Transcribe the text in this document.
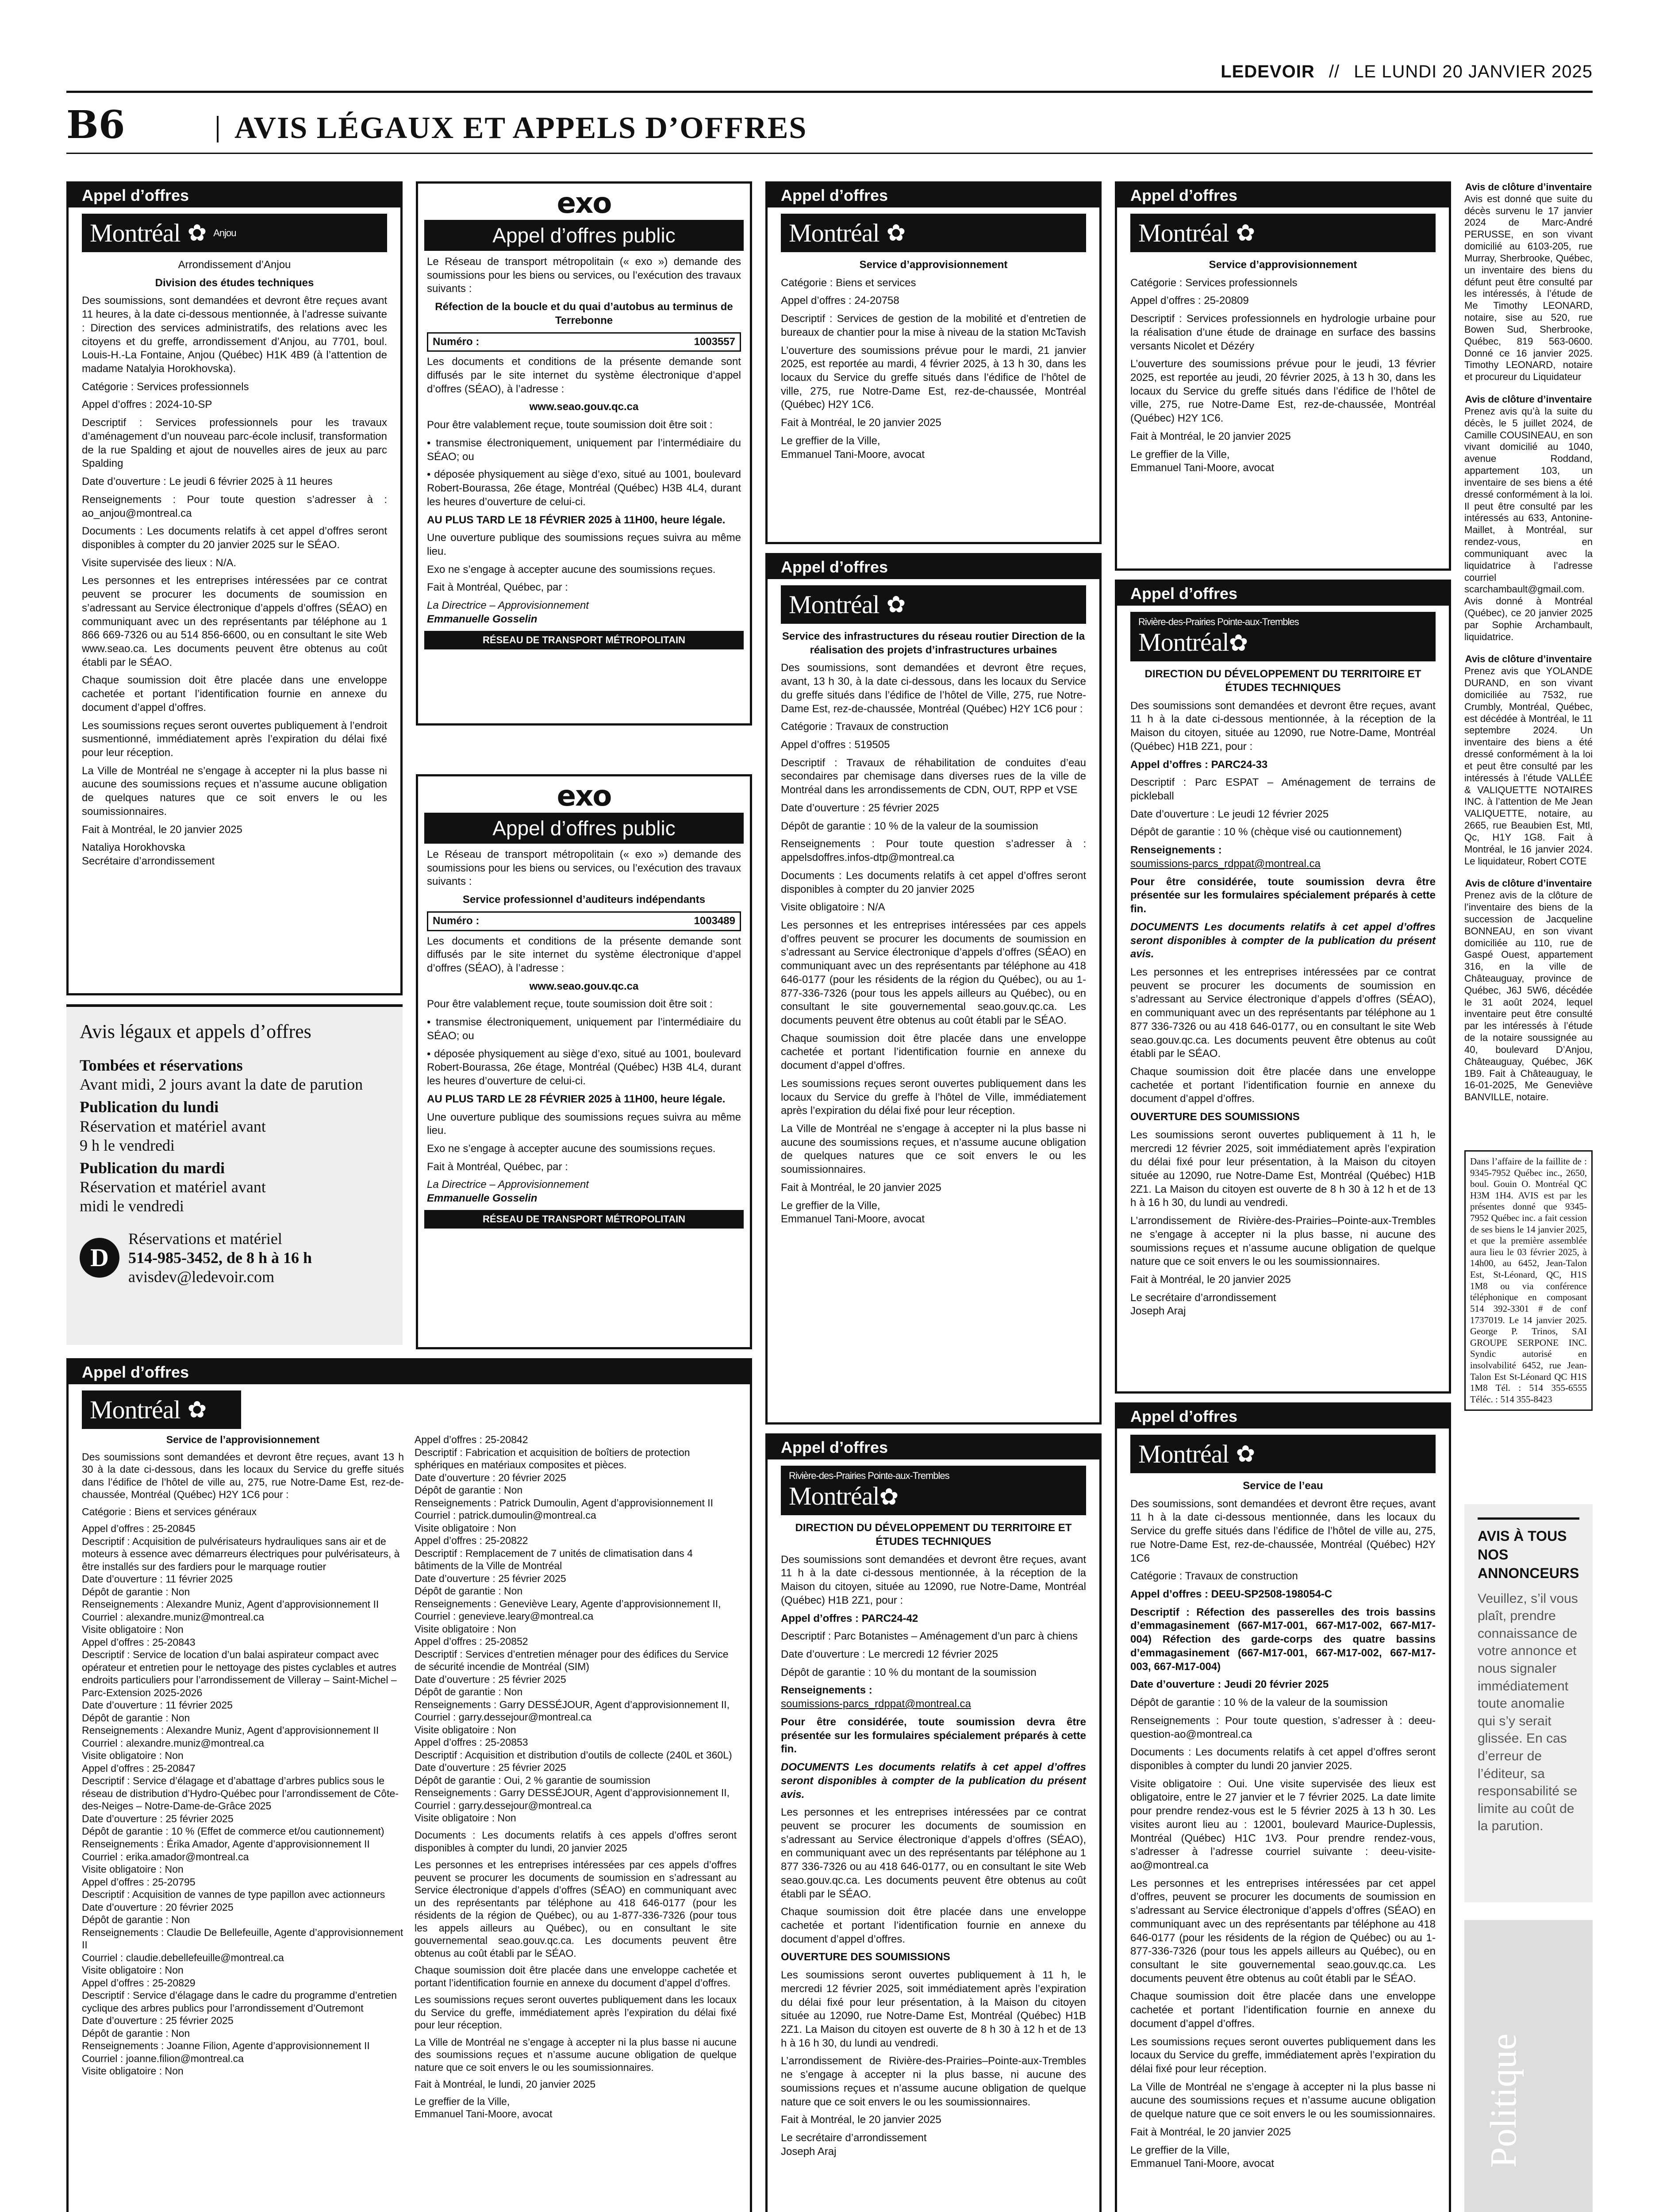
LEDEVOIR // LE LUNDI 20 JANVIER 2025
B6	AVIS LÉGAUX ET APPELS D’OFFRES
Appel d’offres
Montréal ✿ Anjou

Arrondissement d’Anjou

Division des études techniques

Des soumissions, sont demandées et devront être reçues avant 11 heures, à la date ci-dessous mentionnée, à l’adresse suivante : Direction des services administratifs, des relations avec les citoyens et du greffe, arrondissement d’Anjou, au 7701, boul. Louis-H.-La Fontaine, Anjou (Québec) H1K 4B9 (à l’attention de madame Natalyia Horokhovska).

Catégorie : Services professionnels

Appel d’offres : 2024-10-SP

Descriptif : Services professionnels pour les travaux d’aménagement d’un nouveau parc-école inclusif, transformation de la rue Spalding et ajout de nouvelles aires de jeux au parc Spalding

Date d’ouverture : Le jeudi 6 février 2025 à 11 heures

Renseignements : Pour toute question s’adresser à : ao_anjou@montreal.ca

Documents : Les documents relatifs à cet appel d’offres seront disponibles à compter du 20 janvier 2025 sur le SÉAO.

Visite supervisée des lieux : N/A.

Les personnes et les entreprises intéressées par ce contrat peuvent se procurer les documents de soumission en s’adressant au Service électronique d’appels d’offres (SÉAO) en communiquant avec un des représentants par téléphone au 1 866 669-7326 ou au 514 856-6600, ou en consultant le site Web www.seao.ca. Les documents peuvent être obtenus au coût établi par le SÉAO.

Chaque soumission doit être placée dans une enveloppe cachetée et portant l’identification fournie en annexe du document d’appel d’offres.

Les soumissions reçues seront ouvertes publiquement à l’endroit susmentionné, immédiatement après l’expiration du délai fixé pour leur réception.

La Ville de Montréal ne s’engage à accepter ni la plus basse ni aucune des soumissions reçues et n’assume aucune obligation de quelques natures que ce soit envers le ou les soumissionnaires.

Fait à Montréal, le 20 janvier 2025

Nataliya Horokhovska
Secrétaire d’arrondissement
Avis légaux et appels d’offres
Tombées et réservations
Avant midi, 2 jours avant la date de parution
Publication du lundi
Réservation et matériel avant
9 h le vendredi
Publication du mardi
Réservation et matériel avant
midi le vendredi
D
Réservations et matériel
514-985-3452, de 8 h à 16 h
avisdev@ledevoir.com
exo
Appel d’offres public

Le Réseau de transport métropolitain (« exo ») demande des soumissions pour les biens ou services, ou l’exécution des travaux suivants :

Réfection de la boucle et du quai d’autobus au terminus de Terrebonne

Numéro :	1003557

Les documents et conditions de la présente demande sont diffusés par le site internet du système électronique d’appel d’offres (SÉAO), à l’adresse :

www.seao.gouv.qc.ca

Pour être valablement reçue, toute soumission doit être soit :

• transmise électroniquement, uniquement par l’intermédiaire du SÉAO; ou

• déposée physiquement au siège d’exo, situé au 1001, boulevard Robert-Bourassa, 26e étage, Montréal (Québec) H3B 4L4, durant les heures d’ouverture de celui-ci.

AU PLUS TARD LE 18 FÉVRIER 2025 à 11H00, heure légale.

Une ouverture publique des soumissions reçues suivra au même lieu.

Exo ne s’engage à accepter aucune des soumissions reçues.

Fait à Montréal, Québec, par :

La Directrice – Approvisionnement
Emmanuelle Gosselin
RÉSEAU DE TRANSPORT MÉTROPOLITAIN
exo
Appel d’offres public

Le Réseau de transport métropolitain (« exo ») demande des soumissions pour les biens ou services, ou l’exécution des travaux suivants :

Service professionnel d’auditeurs indépendants

Numéro :	1003489

Les documents et conditions de la présente demande sont diffusés par le site internet du système électronique d’appel d’offres (SÉAO), à l’adresse :

www.seao.gouv.qc.ca

Pour être valablement reçue, toute soumission doit être soit :

• transmise électroniquement, uniquement par l’intermédiaire du SÉAO; ou

• déposée physiquement au siège d’exo, situé au 1001, boulevard Robert-Bourassa, 26e étage, Montréal (Québec) H3B 4L4, durant les heures d’ouverture de celui-ci.

AU PLUS TARD LE 28 FÉVRIER 2025 à 11H00, heure légale.

Une ouverture publique des soumissions reçues suivra au même lieu.

Exo ne s’engage à accepter aucune des soumissions reçues.

Fait à Montréal, Québec, par :

La Directrice – Approvisionnement
Emmanuelle Gosselin
RÉSEAU DE TRANSPORT MÉTROPOLITAIN
Appel d’offres
Montréal ✿

Service de l’approvisionnement

Des soumissions sont demandées et devront être reçues, avant 13 h 30 à la date ci-dessous, dans les locaux du Service du greffe situés dans l’édifice de l’hôtel de ville au, 275, rue Notre-Dame Est, rez-de-chaussée, Montréal (Québec) H2Y 1C6 pour :

Catégorie : Biens et services généraux

Appel d’offres : 25-20845
Descriptif : Acquisition de pulvérisateurs hydrauliques sans air et de moteurs à essence avec démarreurs électriques pour pulvérisateurs, à être installés sur des fardiers pour le marquage routier
Date d’ouverture : 11 février 2025
Dépôt de garantie : Non
Renseignements : Alexandre Muniz, Agent d’approvisionnement II
Courriel : alexandre.muniz@montreal.ca
Visite obligatoire : Non
Appel d’offres : 25-20843
Descriptif : Service de location d’un balai aspirateur compact avec opérateur et entretien pour le nettoyage des pistes cyclables et autres endroits particuliers pour l’arrondissement de Villeray – Saint-Michel – Parc-Extension 2025-2026
Date d’ouverture : 11 février 2025
Dépôt de garantie : Non
Renseignements : Alexandre Muniz, Agent d’approvisionnement II
Courriel : alexandre.muniz@montreal.ca
Visite obligatoire : Non
Appel d’offres : 25-20847
Descriptif : Service d’élagage et d’abattage d’arbres publics sous le réseau de distribution d’Hydro-Québec pour l’arrondissement de Côte-des-Neiges – Notre-Dame-de-Grâce 2025
Date d’ouverture : 25 février 2025
Dépôt de garantie : 10 % (Effet de commerce et/ou cautionnement)
Renseignements : Érika Amador, Agente d’approvisionnement II
Courriel : erika.amador@montreal.ca
Visite obligatoire : Non
Appel d’offres : 25-20795
Descriptif : Acquisition de vannes de type papillon avec actionneurs
Date d’ouverture : 20 février 2025
Dépôt de garantie : Non
Renseignements : Claudie De Bellefeuille, Agente d’approvisionnement II
Courriel : claudie.debellefeuille@montreal.ca
Visite obligatoire : Non
Appel d’offres : 25-20829
Descriptif : Service d’élagage dans le cadre du programme d’entretien cyclique des arbres publics pour l’arrondissement d’Outremont
Date d’ouverture : 25 février 2025
Dépôt de garantie : Non
Renseignements : Joanne Filion, Agente d’approvisionnement II
Courriel : joanne.filion@montreal.ca
Visite obligatoire : Non

Appel d’offres : 25-20842
Descriptif : Fabrication et acquisition de boîtiers de protection sphériques en matériaux composites et pièces.
Date d’ouverture : 20 février 2025
Dépôt de garantie : Non
Renseignements : Patrick Dumoulin, Agent d’approvisionnement II
Courriel : patrick.dumoulin@montreal.ca
Visite obligatoire : Non
Appel d’offres : 25-20822
Descriptif : Remplacement de 7 unités de climatisation dans 4 bâtiments de la Ville de Montréal
Date d’ouverture : 25 février 2025
Dépôt de garantie : Non
Renseignements : Geneviève Leary, Agente d’approvisionnement II,
Courriel : genevieve.leary@montreal.ca
Visite obligatoire : Non
Appel d’offres : 25-20852
Descriptif : Services d’entretien ménager pour des édifices du Service de sécurité incendie de Montréal (SIM)
Date d’ouverture : 25 février 2025
Dépôt de garantie : Non
Renseignements : Garry DESSÉJOUR, Agent d’approvisionnement II,
Courriel : garry.dessejour@montreal.ca
Visite obligatoire : Non
Appel d’offres : 25-20853
Descriptif : Acquisition et distribution d’outils de collecte (240L et 360L)
Date d’ouverture : 25 février 2025
Dépôt de garantie : Oui, 2 % garantie de soumission
Renseignements : Garry DESSÉJOUR, Agent d’approvisionnement II,
Courriel : garry.dessejour@montreal.ca
Visite obligatoire : Non

Documents : Les documents relatifs à ces appels d’offres seront disponibles à compter du lundi, 20 janvier 2025

Les personnes et les entreprises intéressées par ces appels d’offres peuvent se procurer les documents de soumission en s’adressant au Service électronique d’appels d’offres (SÉAO) en communiquant avec un des représentants par téléphone au 418 646-0177 (pour les résidents de la région de Québec), ou au 1-877-336-7326 (pour tous les appels ailleurs au Québec), ou en consultant le site gouvernemental seao.gouv.qc.ca. Les documents peuvent être obtenus au coût établi par le SÉAO.

Chaque soumission doit être placée dans une enveloppe cachetée et portant l’identification fournie en annexe du document d’appel d’offres.

Les soumissions reçues seront ouvertes publiquement dans les locaux du Service du greffe, immédiatement après l’expiration du délai fixé pour leur réception.

La Ville de Montréal ne s’engage à accepter ni la plus basse ni aucune des soumissions reçues et n’assume aucune obligation de quelque nature que ce soit envers le ou les soumissionnaires.

Fait à Montréal, le lundi, 20 janvier 2025

Le greffier de la Ville,
Emmanuel Tani-Moore, avocat
Appel d’offres
Montréal ✿

Service d’approvisionnement

Catégorie : Biens et services

Appel d’offres : 24-20758

Descriptif : Services de gestion de la mobilité et d’entretien de bureaux de chantier pour la mise à niveau de la station McTavish

L’ouverture des soumissions prévue pour le mardi, 21 janvier 2025, est reportée au mardi, 4 février 2025, à 13 h 30, dans les locaux du Service du greffe situés dans l’édifice de l’hôtel de ville, 275, rue Notre-Dame Est, rez-de-chaussée, Montréal (Québec) H2Y 1C6.

Fait à Montréal, le 20 janvier 2025

Le greffier de la Ville,
Emmanuel Tani-Moore, avocat
Appel d’offres
Montréal ✿

Service des infrastructures du réseau routier Direction de la réalisation des projets d’infrastructures urbaines

Des soumissions, sont demandées et devront être reçues, avant, 13 h 30, à la date ci-dessous, dans les locaux du Service du greffe situés dans l’édifice de l’hôtel de Ville, 275, rue Notre-Dame Est, rez-de-chaussée, Montréal (Québec) H2Y 1C6 pour :

Catégorie : Travaux de construction

Appel d’offres : 519505

Descriptif : Travaux de réhabilitation de conduites d’eau secondaires par chemisage dans diverses rues de la ville de Montréal dans les arrondissements de CDN, OUT, RPP et VSE

Date d’ouverture : 25 février 2025

Dépôt de garantie : 10 % de la valeur de la soumission

Renseignements : Pour toute question s’adresser à : appelsdoffres.infos-dtp@montreal.ca

Documents : Les documents relatifs à cet appel d’offres seront disponibles à compter du 20 janvier 2025

Visite obligatoire : N/A

Les personnes et les entreprises intéressées par ces appels d’offres peuvent se procurer les documents de soumission en s’adressant au Service électronique d’appels d’offres (SÉAO) en communiquant avec un des représentants par téléphone au 418 646-0177 (pour les résidents de la région du Québec), ou au 1-877-336-7326 (pour tous les appels ailleurs au Québec), ou en consultant le site gouvernemental seao.gouv.qc.ca. Les documents peuvent être obtenus au coût établi par le SÉAO.

Chaque soumission doit être placée dans une enveloppe cachetée et portant l’identification fournie en annexe du document d’appel d’offres.

Les soumissions reçues seront ouvertes publiquement dans les locaux du Service du greffe à l’hôtel de Ville, immédiatement après l’expiration du délai fixé pour leur réception.

La Ville de Montréal ne s’engage à accepter ni la plus basse ni aucune des soumissions reçues, et n’assume aucune obligation de quelques natures que ce soit envers le ou les soumissionnaires.

Fait à Montréal, le 20 janvier 2025

Le greffier de la Ville,
Emmanuel Tani-Moore, avocat
Appel d’offres
Rivière-des-Prairies Pointe-aux-Trembles
Montréal✿

DIRECTION DU DÉVELOPPEMENT DU TERRITOIRE ET ÉTUDES TECHNIQUES

Des soumissions sont demandées et devront être reçues, avant 11 h à la date ci-dessous mentionnée, à la réception de la Maison du citoyen, située au 12090, rue Notre-Dame, Montréal (Québec) H1B 2Z1, pour :

Appel d’offres : PARC24-42

Descriptif : Parc Botanistes – Aménagement d’un parc à chiens

Date d’ouverture : Le mercredi 12 février 2025

Dépôt de garantie : 10 % du montant de la soumission

Renseignements :

soumissions-parcs_rdppat@montreal.ca

Pour être considérée, toute soumission devra être présentée sur les formulaires spécialement préparés à cette fin.

DOCUMENTS Les documents relatifs à cet appel d’offres seront disponibles à compter de la publication du présent avis.

Les personnes et les entreprises intéressées par ce contrat peuvent se procurer les documents de soumission en s’adressant au Service électronique d’appels d’offres (SÉAO), en communiquant avec un des représentants par téléphone au 1 877 336-7326 ou au 418 646-0177, ou en consultant le site Web seao.gouv.qc.ca. Les documents peuvent être obtenus au coût établi par le SÉAO.

Chaque soumission doit être placée dans une enveloppe cachetée et portant l’identification fournie en annexe du document d’appel d’offres.

OUVERTURE DES SOUMISSIONS

Les soumissions seront ouvertes publiquement à 11 h, le mercredi 12 février 2025, soit immédiatement après l’expiration du délai fixé pour leur présentation, à la Maison du citoyen située au 12090, rue Notre-Dame Est, Montréal (Québec) H1B 2Z1. La Maison du citoyen est ouverte de 8 h 30 à 12 h et de 13 h à 16 h 30, du lundi au vendredi.

L’arrondissement de Rivière-des-Prairies–Pointe-aux-Trembles ne s’engage à accepter ni la plus basse, ni aucune des soumissions reçues et n’assume aucune obligation de quelque nature que ce soit envers le ou les soumissionnaires.

Fait à Montréal, le 20 janvier 2025

Le secrétaire d’arrondissement
Joseph Araj
Appel d’offres
Montréal ✿

Service d’approvisionnement

Catégorie : Services professionnels

Appel d’offres : 25-20809

Descriptif : Services professionnels en hydrologie urbaine pour la réalisation d’une étude de drainage en surface des bassins versants Nicolet et Dézéry

L’ouverture des soumissions prévue pour le jeudi, 13 février 2025, est reportée au jeudi, 20 février 2025, à 13 h 30, dans les locaux du Service du greffe situés dans l’édifice de l’hôtel de ville, 275, rue Notre-Dame Est, rez-de-chaussée, Montréal (Québec) H2Y 1C6.

Fait à Montréal, le 20 janvier 2025

Le greffier de la Ville,
Emmanuel Tani-Moore, avocat
Appel d’offres
Rivière-des-Prairies Pointe-aux-Trembles
Montréal✿

DIRECTION DU DÉVELOPPEMENT DU TERRITOIRE ET ÉTUDES TECHNIQUES

Des soumissions sont demandées et devront être reçues, avant 11 h à la date ci-dessous mentionnée, à la réception de la Maison du citoyen, située au 12090, rue Notre-Dame, Montréal (Québec) H1B 2Z1, pour :

Appel d’offres : PARC24-33

Descriptif : Parc ESPAT – Aménagement de terrains de pickleball

Date d’ouverture : Le jeudi 12 février 2025

Dépôt de garantie : 10 % (chèque visé ou cautionnement)

Renseignements :

soumissions-parcs_rdppat@montreal.ca

Pour être considérée, toute soumission devra être présentée sur les formulaires spécialement préparés à cette fin.

DOCUMENTS Les documents relatifs à cet appel d’offres seront disponibles à compter de la publication du présent avis.

Les personnes et les entreprises intéressées par ce contrat peuvent se procurer les documents de soumission en s’adressant au Service électronique d’appels d’offres (SÉAO), en communiquant avec un des représentants par téléphone au 1 877 336-7326 ou au 418 646-0177, ou en consultant le site Web seao.gouv.qc.ca. Les documents peuvent être obtenus au coût établi par le SÉAO.

Chaque soumission doit être placée dans une enveloppe cachetée et portant l’identification fournie en annexe du document d’appel d’offres.

OUVERTURE DES SOUMISSIONS

Les soumissions seront ouvertes publiquement à 11 h, le mercredi 12 février 2025, soit immédiatement après l’expiration du délai fixé pour leur présentation, à la Maison du citoyen située au 12090, rue Notre-Dame Est, Montréal (Québec) H1B 2Z1. La Maison du citoyen est ouverte de 8 h 30 à 12 h et de 13 h à 16 h 30, du lundi au vendredi.

L’arrondissement de Rivière-des-Prairies–Pointe-aux-Trembles ne s’engage à accepter ni la plus basse, ni aucune des soumissions reçues et n’assume aucune obligation de quelque nature que ce soit envers le ou les soumissionnaires.

Fait à Montréal, le 20 janvier 2025

Le secrétaire d’arrondissement
Joseph Araj
Appel d’offres
Montréal ✿

Service de l’eau

Des soumissions, sont demandées et devront être reçues, avant 11 h à la date ci-dessous mentionnée, dans les locaux du Service du greffe situés dans l’édifice de l’hôtel de ville au, 275, rue Notre-Dame Est, rez-de-chaussée, Montréal (Québec) H2Y 1C6

Catégorie : Travaux de construction

Appel d’offres : DEEU-SP2508-198054-C

Descriptif : Réfection des passerelles des trois bassins d’emmagasinement (667-M17-001, 667-M17-002, 667-M17-004) Réfection des garde-corps des quatre bassins d’emmagasinement (667-M17-001, 667-M17-002, 667-M17-003, 667-M17-004)

Date d’ouverture : Jeudi 20 février 2025

Dépôt de garantie : 10 % de la valeur de la soumission

Renseignements : Pour toute question, s’adresser à : deeu-question-ao@montreal.ca

Documents : Les documents relatifs à cet appel d’offres seront disponibles à compter du lundi 20 janvier 2025.

Visite obligatoire : Oui. Une visite supervisée des lieux est obligatoire, entre le 27 janvier et le 7 février 2025. La date limite pour prendre rendez-vous est le 5 février 2025 à 13 h 30. Les visites auront lieu au : 12001, boulevard Maurice-Duplessis, Montréal (Québec) H1C 1V3. Pour prendre rendez-vous, s’adresser à l’adresse courriel suivante : deeu-visite-ao@montreal.ca

Les personnes et les entreprises intéressées par cet appel d’offres, peuvent se procurer les documents de soumission en s’adressant au Service électronique d’appels d’offres (SÉAO) en communiquant avec un des représentants par téléphone au 418 646-0177 (pour les résidents de la région de Québec) ou au 1-877-336-7326 (pour tous les appels ailleurs au Québec), ou en consultant le site gouvernemental seao.gouv.qc.ca. Les documents peuvent être obtenus au coût établi par le SÉAO.

Chaque soumission doit être placée dans une enveloppe cachetée et portant l’identification fournie en annexe du document d’appel d’offres.

Les soumissions reçues seront ouvertes publiquement dans les locaux du Service du greffe, immédiatement après l’expiration du délai fixé pour leur réception.

La Ville de Montréal ne s’engage à accepter ni la plus basse ni aucune des soumissions reçues et n’assume aucune obligation de quelque nature que ce soit envers le ou les soumissionnaires.

Fait à Montréal, le 20 janvier 2025

Le greffier de la Ville,
Emmanuel Tani-Moore, avocat
Avis de clôture d’inventaire
Avis est donné que suite du décès survenu le 17 janvier 2024 de Marc-André PERUSSE, en son vivant domicilié au 6103-205, rue Murray, Sherbrooke, Québec, un inventaire des biens du défunt peut être consulté par les intéressés, à l’étude de Me Timothy LEONARD, notaire, sise au 520, rue Bowen Sud, Sherbrooke, Québec, 819 563-0600. Donné ce 16 janvier 2025. Timothy LEONARD, notaire et procureur du Liquidateur
Avis de clôture d’inventaire
Prenez avis qu’à la suite du décès, le 5 juillet 2024, de Camille COUSINEAU, en son vivant domicilié au 1040, avenue Roddand, appartement 103, un inventaire de ses biens a été dressé conformément à la loi. Il peut être consulté par les intéressés au 633, Antonine-Maillet, à Montréal, sur rendez-vous, en communiquant avec la liquidatrice à l’adresse courriel scarchambault@gmail.com. Avis donné à Montréal (Québec), ce 20 janvier 2025 par Sophie Archambault, liquidatrice.
Avis de clôture d’inventaire
Prenez avis que YOLANDE DURAND, en son vivant domiciliée au 7532, rue Crumbly, Montréal, Québec, est décédée à Montréal, le 11 septembre 2024. Un inventaire des biens a été dressé conformément à la loi et peut être consulté par les intéressés à l’étude VALLÉE & VALIQUETTE NOTAIRES INC. à l’attention de Me Jean VALIQUETTE, notaire, au 2665, rue Beaubien Est, Mtl, Qc, H1Y 1G8. Fait à Montréal, le 16 janvier 2024. Le liquidateur, Robert COTE
Avis de clôture d’inventaire
Prenez avis de la clôture de l’inventaire des biens de la succession de Jacqueline BONNEAU, en son vivant domiciliée au 110, rue de Gaspé Ouest, appartement 316, en la ville de Châteauguay, province de Québec, J6J 5W6, décédée le 31 août 2024, lequel inventaire peut être consulté par les intéressés à l’étude de la notaire soussignée au 40, boulevard D’Anjou, Châteauguay, Québec, J6K 1B9. Fait à Châteauguay, le 16-01-2025, Me Geneviève BANVILLE, notaire.
Dans l’affaire de la faillite de : 9345-7952 Québec inc., 2650, boul. Gouin O. Montréal QC H3M 1H4. AVIS est par les présentes donné que 9345-7952 Québec inc. a fait cession de ses biens le 14 janvier 2025, et que la première assemblée aura lieu le 03 février 2025, à 14h00, au 6452, Jean-Talon Est, St-Léonard, QC, H1S 1M8 ou via conférence téléphonique en composant 514 392-3301 # de conf 1737019. Le 14 janvier 2025. George P. Trinos, SAI GROUPE SERPONE INC. Syndic autorisé en insolvabilité 6452, rue Jean-Talon Est St-Léonard QC H1S 1M8 Tél. : 514 355-6555 Téléc. : 514 355-8423
AVIS À TOUS NOS ANNONCEURS
Veuillez, s’il vous plaît, prendre connaissance de votre annonce et nous signaler immédiatement toute anomalie qui s’y serait glissée. En cas d’erreur de l’éditeur, sa responsabilité se limite au coût de la parution.
Politique
